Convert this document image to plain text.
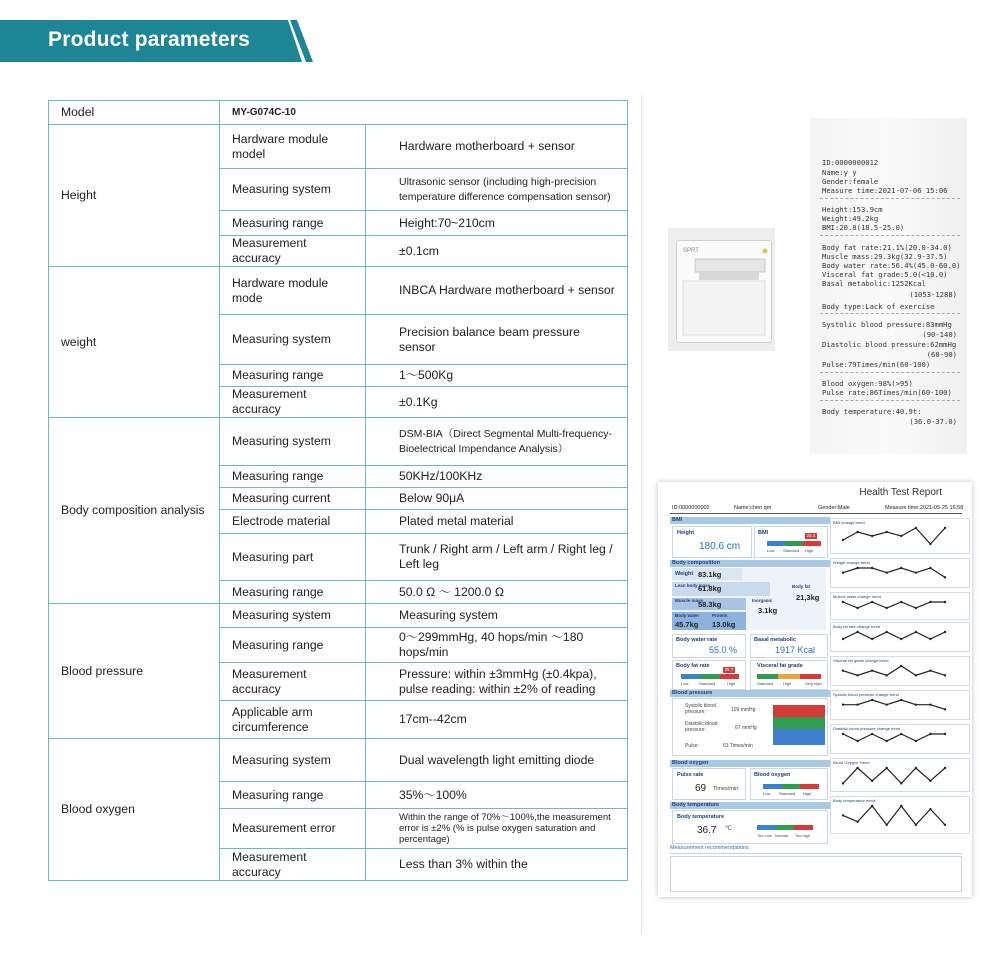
Product parameters
Model	MY-G074C-10	
Height	Hardware module model	Hardware motherboard + sensor
	Measuring system	Ultrasonic sensor (including high-precision temperature difference compensation sensor)
	Measuring range	Height:70~210cm
	Measurement accuracy	±0.1cm
weight	Hardware module mode	INBCA Hardware motherboard + sensor
	Measuring system	Precision balance beam pressure sensor
	Measuring range	1～500Kg
	Measurement accuracy	±0.1Kg
Body composition analysis	Measuring system	DSM-BIA（Direct Segmental Multi-frequency-Bioelectrical Impendance Analysis）
	Measuring range	50KHz/100KHz
	Measuring current	Below 90μA
	Electrode material	Plated metal material
	Measuring part	Trunk / Right arm / Left arm / Right leg / Left leg
	Measuring range	50.0 Ω ～ 1200.0 Ω
Blood pressure	Measuring system	Measuring system
	Measuring range	0～299mmHg, 40 hops/min ～180 hops/min
	Measurement accuracy	Pressure: within ±3mmHg (±0.4kpa), pulse reading: within ±2% of reading
	Applicable arm circumference	17cm--42cm
Blood oxygen	Measuring system	Dual wavelength light emitting diode
	Measuring range	35%～100%
	Measurement error	Within the range of 70%～100%,the measurement error is ±2% (% is pulse oxygen saturation and percentage)
	Measurement accuracy	Less than 3% within the
SPRT
ID:0000000012
Name:y y
Gender:female
Measure time:2021-07-06 15:06
Height:153.9cm
Weight:49.2kg
BMI:20.8(18.5-25.0)
Body fat rate:21.1%(20.0-34.0)
Muscle mass:29.3kg(32.9-37.5)
Body water rate:56.4%(45.0-60.0)
Visceral fat grade:5.0(<10.0)
Basal metabolic:1252Kcal
(1053-1288)
Body type:Lack of exercise
Systolic blood pressure:83mmHg
(90-140)
Diastolic blood pressure:62mmHg
(60-90)
Pulse:79Times/min(60-100)
Blood oxygen:98%(>95)
Pulse rate:86Times/min(60-100)
Body temperature:40.9t:
(36.0-37.0)
Health Test Report
ID:0000000002	Name:chen qm	Gender:Male	Measure time:2021-05-25 16:58
BMI
Height
180.6 cm
BMI	25.4
Low Standard High
Body composition
Weight 83.1kg
Lean body mass
61.8kg	Body fat
21,3kg
Muscle mass
58.3kg	Inorganic
3.1kg
Body water
45.7kg
Protein
13.0kg
Body water rate
55.0 %
Basal metabolic
1917 Kcal
Body fat rate
25.7
Low	Standard	High
Visceral fat grade
Standard High	Very high
Blood pressure
Systolic blood pressure:	109 mmHg
Diastolic blood pressure:	67 mmHg
Pulse:	63 Times/min
Blood oxygen
Pulse rate
69 Times/min
Blood oxygen
Low Standard High
Body temperature
Body temperature
36.7 ℃
Too Low Normal Too high
Measurement recommendations
BMI change trend
Weight change trend
Muscle mass change trend
Body fat rate change trend
Visceral fat grade change trend
Systolic blood pressure change trend
Diastolic blood pressure change trend
Blood Oxygen Trend
Body temperature trend
